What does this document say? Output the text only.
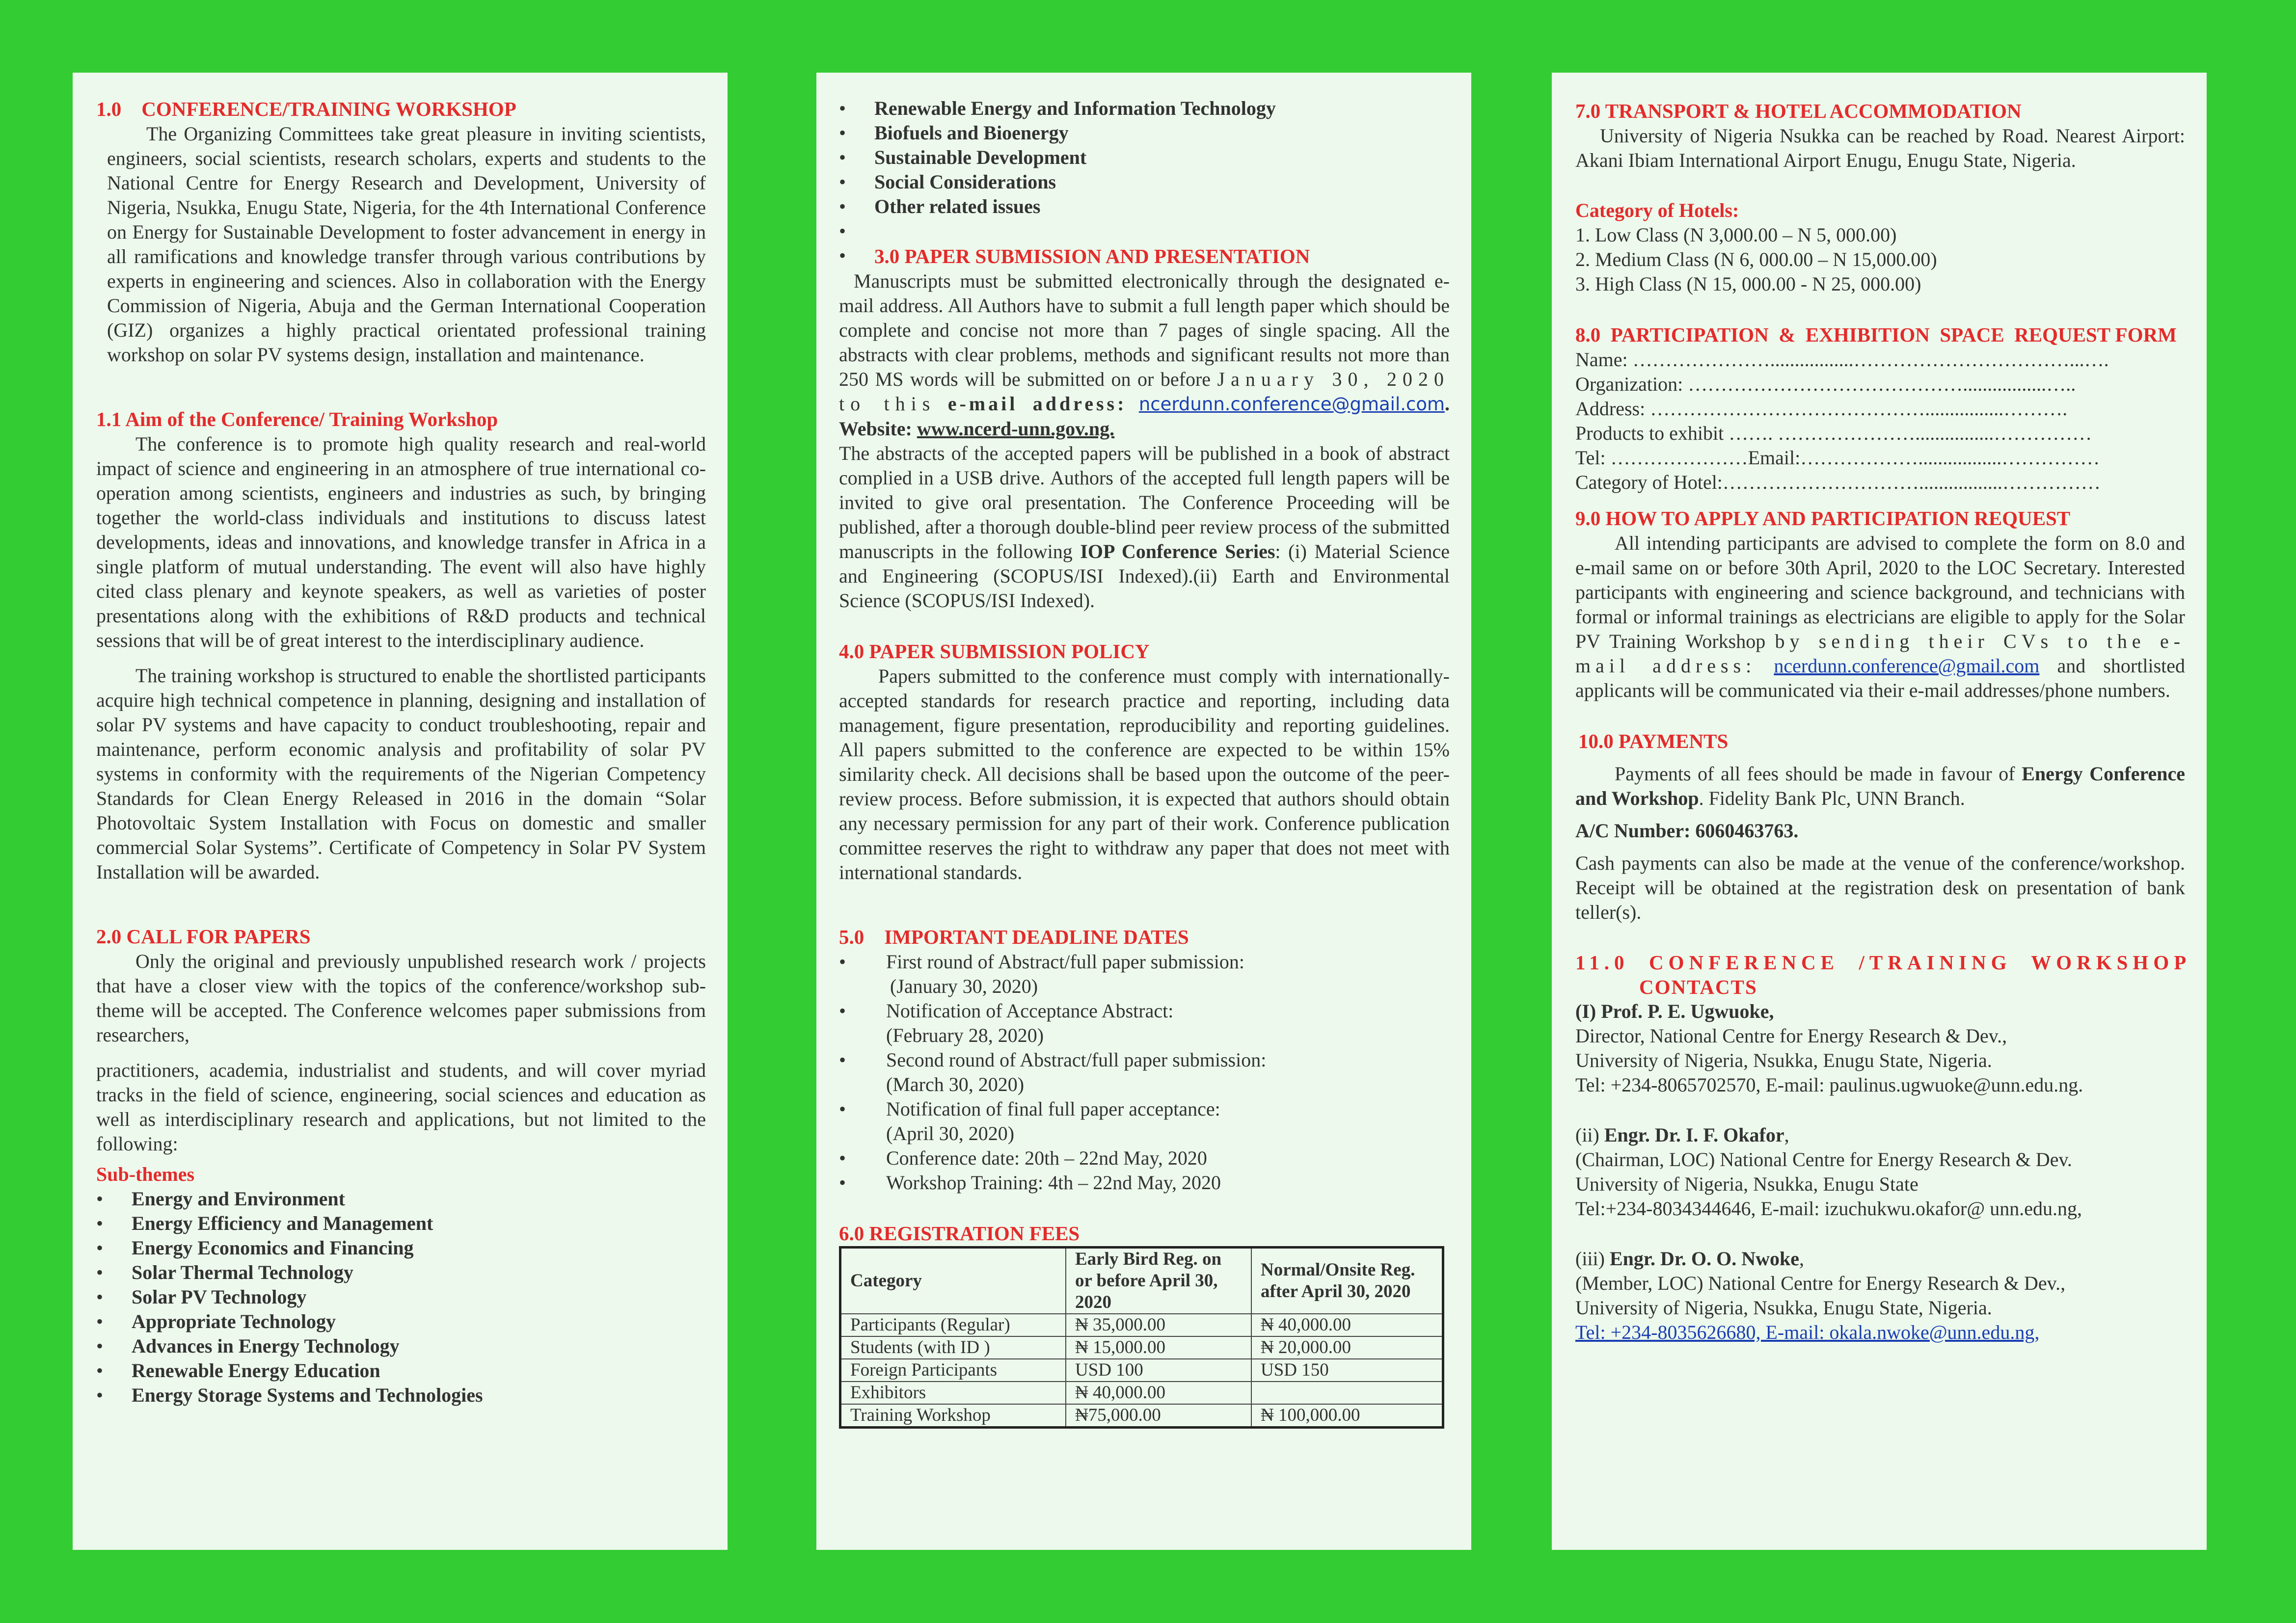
1.0    CONFERENCE/TRAINING WORKSHOP

The Organizing Committees take great pleasure in inviting scientists, engineers, social scientists, research scholars, experts and students to the National Centre for Energy Research and Development, University of Nigeria, Nsukka, Enugu State, Nigeria, for the 4th International Conference on Energy for Sustainable Development to foster advancement in energy in all ramifications and knowledge transfer through various contributions by experts in engineering and sciences. Also in collaboration with the Energy Commission of Nigeria, Abuja and the German International Cooperation (GIZ) organizes a highly practical orientated professional training workshop on solar PV systems design, installation and maintenance.

1.1 Aim of the Conference/ Training Workshop

The conference is to promote high quality research and real-world impact of science and engineering in an atmosphere of true international co-operation among scientists, engineers and industries as such, by bringing together the world-class individuals and institutions to discuss latest developments, ideas and innovations, and knowledge transfer in Africa in a single platform of mutual understanding. The event will also have highly cited class plenary and keynote speakers, as well as varieties of poster presentations along with the exhibitions of R&D products and technical sessions that will be of great interest to the interdisciplinary audience.

The training workshop is structured to enable the shortlisted participants acquire high technical competence in planning, designing and installation of solar PV systems and have capacity to conduct troubleshooting, repair and maintenance, perform economic analysis and profitability of solar PV systems in conformity with the requirements of the Nigerian Competency Standards for Clean Energy Released in 2016 in the domain “Solar Photovoltaic System Installation with Focus on domestic and smaller commercial Solar Systems”. Certificate of Competency in Solar PV System Installation will be awarded.

2.0 CALL FOR PAPERS

Only the original and previously unpublished research work / projects that have a closer view with the topics of the conference/workshop sub-theme will be accepted. The Conference welcomes paper submissions from researchers,

practitioners, academia, industrialist and students, and will cover myriad tracks in the field of science, engineering, social sciences and education as well as interdisciplinary research and applications, but not limited to the following:

Sub-themes

• Energy and Environment
• Energy Efficiency and Management
• Energy Economics and Financing
• Solar Thermal Technology
• Solar PV Technology
• Appropriate Technology
• Advances in Energy Technology
• Renewable Energy Education
• Energy Storage Systems and Technologies
• Renewable Energy and Information Technology
• Biofuels and Bioenergy
• Sustainable Development
• Social Considerations
• Other related issues
•
• 3.0 PAPER SUBMISSION AND PRESENTATION

Manuscripts must be submitted electronically through the designated e-mail address. All Authors have to submit a full length paper which should be complete and concise not more than 7 pages of single spacing. All the abstracts with clear problems, methods and significant results not more than 250 MS words will be submitted on or before January 30, 2020 to this e-mail address: ncerdunn.conference@gmail.com. Website: www.ncerd-unn.gov.ng.

The abstracts of the accepted papers will be published in a book of abstract complied in a USB drive. Authors of the accepted full length papers will be invited to give oral presentation. The Conference Proceeding will be published, after a thorough double-blind peer review process of the submitted manuscripts in the following IOP Conference Series: (i) Material Science and Engineering (SCOPUS/ISI Indexed).(ii) Earth and Environmental Science (SCOPUS/ISI Indexed).

4.0 PAPER SUBMISSION POLICY

Papers submitted to the conference must comply with internationally-accepted standards for research practice and reporting, including data management, figure presentation, reproducibility and reporting guidelines. All papers submitted to the conference are expected to be within 15% similarity check. All decisions shall be based upon the outcome of the peer-review process. Before submission, it is expected that authors should obtain any necessary permission for any part of their work. Conference publication committee reserves the right to withdraw any paper that does not meet with international standards.

5.0    IMPORTANT DEADLINE DATES

• First round of Abstract/full paper submission:
(January 30, 2020)
• Notification of Acceptance Abstract:
(February 28, 2020)
• Second round of Abstract/full paper submission:
(March 30, 2020)
• Notification of final full paper acceptance:
(April 30, 2020)
• Conference date: 20th – 22nd May, 2020
• Workshop Training: 4th – 22nd May, 2020

6.0 REGISTRATION FEES

Category	Early Bird Reg. on or before April 30, 2020	Normal/Onsite Reg. after April 30, 2020
Participants (Regular)	₦ 35,000.00	₦ 40,000.00
Students (with ID )	₦ 15,000.00	₦ 20,000.00
Foreign Participants	USD 100	USD 150
Exhibitors	₦ 40,000.00	
Training Workshop	₦75,000.00	₦ 100,000.00

7.0 TRANSPORT & HOTEL ACCOMMODATION

University of Nigeria Nsukka can be reached by Road. Nearest Airport: Akani Ibiam International Airport Enugu, Enugu State, Nigeria.

Category of Hotels:

1. Low Class (N 3,000.00 – N 5, 000.00)
2. Medium Class (N 6, 000.00 – N 15,000.00)
3. High Class (N 15, 000.00 - N 25, 000.00)

8.0  PARTICIPATION  &  EXHIBITION  SPACE  REQUEST FORM

Name: ………………….................……………………………...….
Organization: …………………………………….................…..
Address: ……………………………………................……….
Products to exhibit ……. …………………................……………
Tel: …………………Email:……………….................……………
Category of Hotel:………………………….................……………

9.0 HOW TO APPLY AND PARTICIPATION REQUEST

All intending participants are advised to complete the form on 8.0 and e-mail same on or before 30th April, 2020 to the LOC Secretary. Interested participants with engineering and science background, and technicians with formal or informal trainings as electricians are eligible to apply for the Solar PV Training Workshop by sending their CVs to the e-mail address: ncerdunn.conference@gmail.com and shortlisted applicants will be communicated via their e-mail addresses/phone numbers.

10.0 PAYMENTS

Payments of all fees should be made in favour of Energy Conference and Workshop. Fidelity Bank Plc, UNN Branch.

A/C Number: 6060463763.

Cash payments can also be made at the venue of the conference/workshop. Receipt will be obtained at the registration desk on presentation of bank teller(s).

11.0  CONFERENCE  /TRAINING  WORKSHOP
CONTACTS
(I) Prof. P. E. Ugwuoke,
Director, National Centre for Energy Research & Dev.,
University of Nigeria, Nsukka, Enugu State, Nigeria.
Tel: +234-8065702570, E-mail: paulinus.ugwuoke@unn.edu.ng.
(ii) Engr. Dr. I. F. Okafor,
(Chairman, LOC) National Centre for Energy Research & Dev.
University of Nigeria, Nsukka, Enugu State
Tel:+234-8034344646, E-mail: izuchukwu.okafor@ unn.edu.ng,
(iii) Engr. Dr. O. O. Nwoke,
(Member, LOC) National Centre for Energy Research & Dev.,
University of Nigeria, Nsukka, Enugu State, Nigeria.
Tel: +234-8035626680, E-mail: okala.nwoke@unn.edu.ng,
